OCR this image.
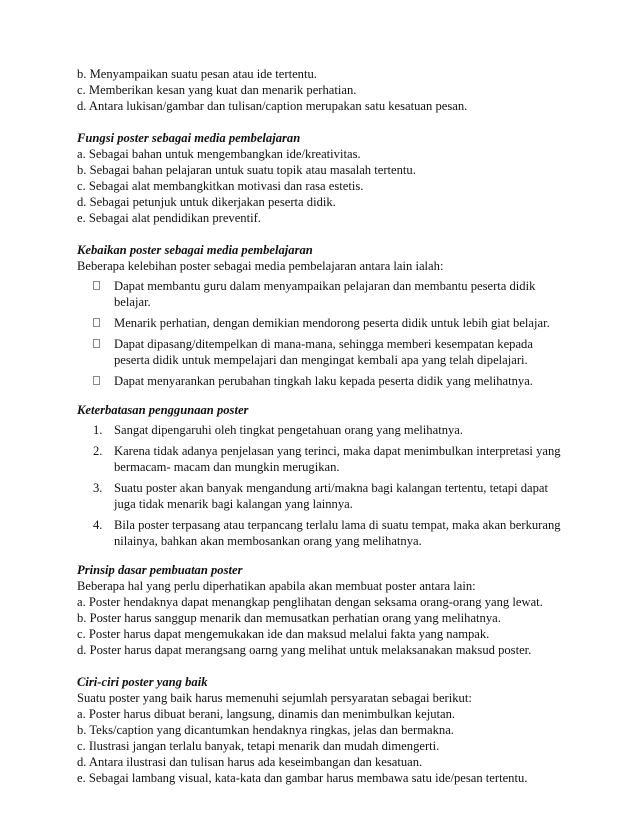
b. Menyampaikan suatu pesan atau ide tertentu.
c. Memberikan kesan yang kuat dan menarik perhatian.
d. Antara lukisan/gambar dan tulisan/caption merupakan satu kesatuan pesan.
Fungsi poster sebagai media pembelajaran
a. Sebagai bahan untuk mengembangkan ide/kreativitas.
b. Sebagai bahan pelajaran untuk suatu topik atau masalah tertentu.
c. Sebagai alat membangkitkan motivasi dan rasa estetis.
d. Sebagai petunjuk untuk dikerjakan peserta didik.
e. Sebagai alat pendidikan preventif.
Kebaikan poster sebagai media pembelajaran
Beberapa kelebihan poster sebagai media pembelajaran antara lain ialah:
Dapat membantu guru dalam menyampaikan pelajaran dan membantu peserta didik
belajar.
Menarik perhatian, dengan demikian mendorong peserta didik untuk lebih giat belajar.
Dapat dipasang/ditempelkan di mana-mana, sehingga memberi kesempatan kepada
peserta didik untuk mempelajari dan mengingat kembali apa yang telah dipelajari.
Dapat menyarankan perubahan tingkah laku kepada peserta didik yang melihatnya.
Keterbatasan penggunaan poster
1. Sangat dipengaruhi oleh tingkat pengetahuan orang yang melihatnya.
2. Karena tidak adanya penjelasan yang terinci, maka dapat menimbulkan interpretasi yang
bermacam- macam dan mungkin merugikan.
3. Suatu poster akan banyak mengandung arti/makna bagi kalangan tertentu, tetapi dapat
juga tidak menarik bagi kalangan yang lainnya.
4. Bila poster terpasang atau terpancang terlalu lama di suatu tempat, maka akan berkurang
nilainya, bahkan akan membosankan orang yang melihatnya.
Prinsip dasar pembuatan poster
Beberapa hal yang perlu diperhatikan apabila akan membuat poster antara lain:
a. Poster hendaknya dapat menangkap penglihatan dengan seksama orang-orang yang lewat.
b. Poster harus sanggup menarik dan memusatkan perhatian orang yang melihatnya.
c. Poster harus dapat mengemukakan ide dan maksud melalui fakta yang nampak.
d. Poster harus dapat merangsang oarng yang melihat untuk melaksanakan maksud poster.
Ciri-ciri poster yang baik
Suatu poster yang baik harus memenuhi sejumlah persyaratan sebagai berikut:
a. Poster harus dibuat berani, langsung, dinamis dan menimbulkan kejutan.
b. Teks/caption yang dicantumkan hendaknya ringkas, jelas dan bermakna.
c. Ilustrasi jangan terlalu banyak, tetapi menarik dan mudah dimengerti.
d. Antara ilustrasi dan tulisan harus ada keseimbangan dan kesatuan.
e. Sebagai lambang visual, kata-kata dan gambar harus membawa satu ide/pesan tertentu.
